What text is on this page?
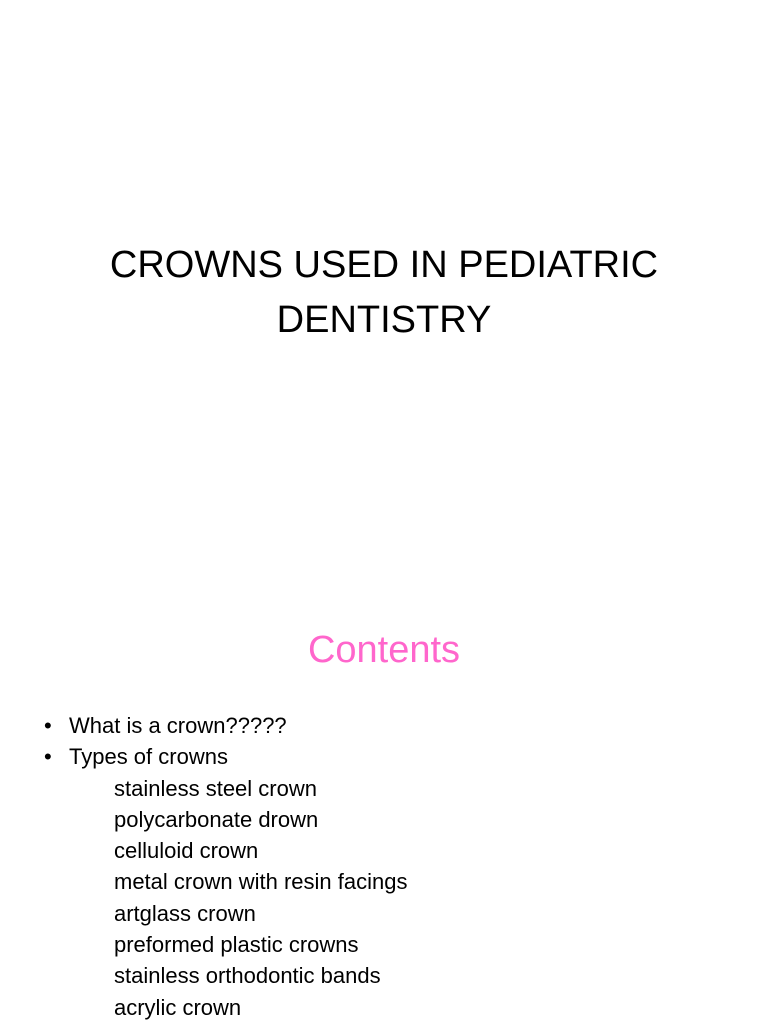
CROWNS USED IN PEDIATRIC
DENTISTRY
Contents
• What is a crown?????
• Types of crowns
stainless steel crown
polycarbonate drown
celluloid crown
metal crown with resin facings
artglass crown
preformed plastic crowns
stainless orthodontic bands
acrylic crown
